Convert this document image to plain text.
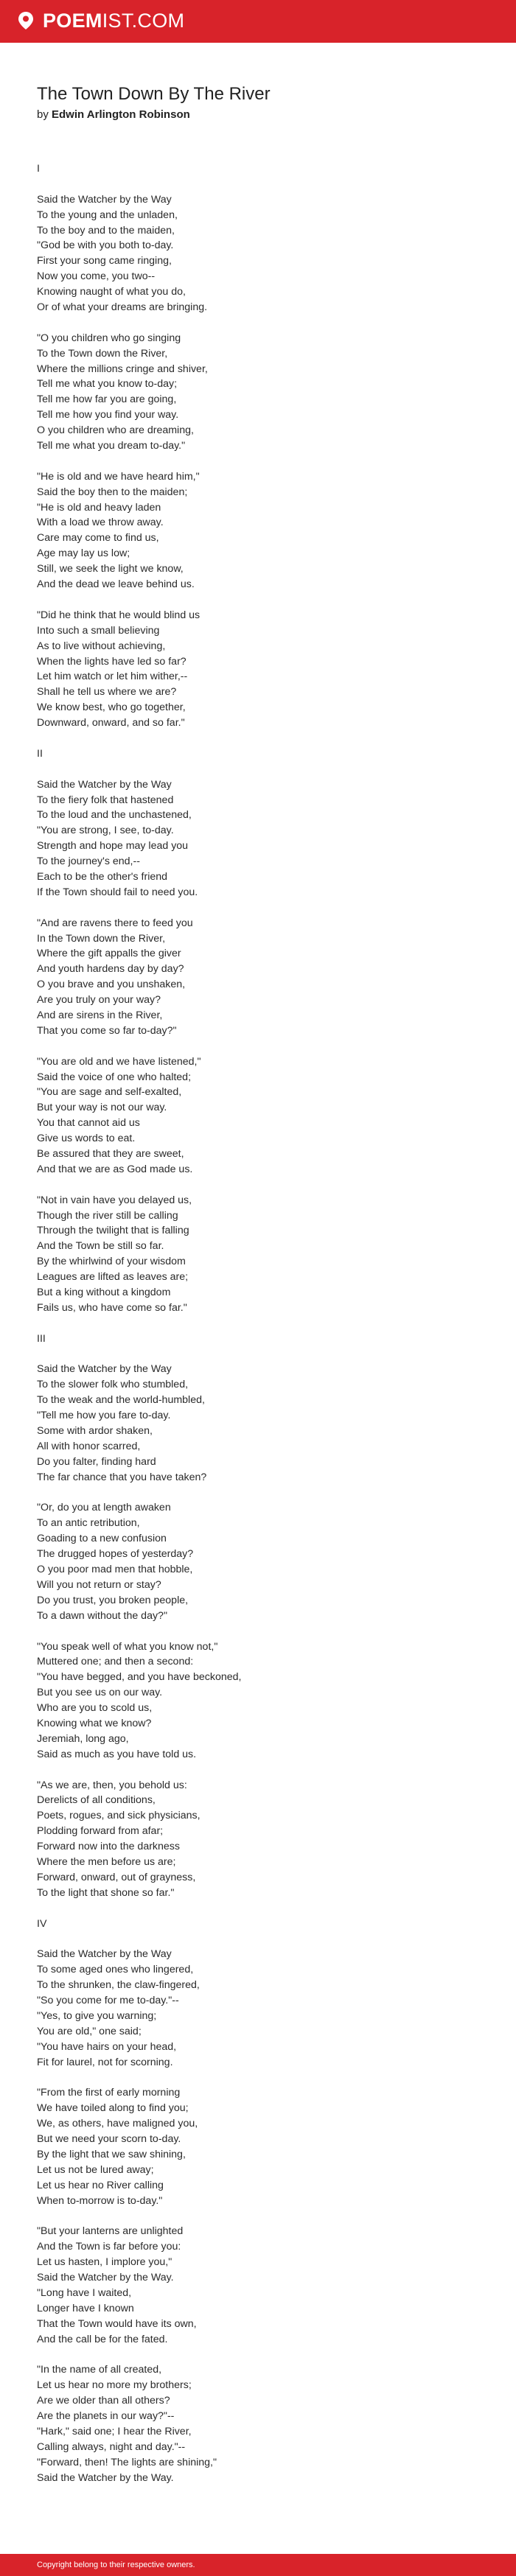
POEMIST.COM
The Town Down By The River
by Edwin Arlington Robinson
I
Said the Watcher by the Way
To the young and the unladen,
To the boy and to the maiden,
"God be with you both to-day.
First your song came ringing,
Now you come, you two--
Knowing naught of what you do,
Or of what your dreams are bringing.
"O you children who go singing
To the Town down the River,
Where the millions cringe and shiver,
Tell me what you know to-day;
Tell me how far you are going,
Tell me how you find your way.
O you children who are dreaming,
Tell me what you dream to-day."
"He is old and we have heard him,"
Said the boy then to the maiden;
"He is old and heavy laden
With a load we throw away.
Care may come to find us,
Age may lay us low;
Still, we seek the light we know,
And the dead we leave behind us.
"Did he think that he would blind us
Into such a small believing
As to live without achieving,
When the lights have led so far?
Let him watch or let him wither,--
Shall he tell us where we are?
We know best, who go together,
Downward, onward, and so far."
II
Said the Watcher by the Way
To the fiery folk that hastened
To the loud and the unchastened,
"You are strong, I see, to-day.
Strength and hope may lead you
To the journey's end,--
Each to be the other's friend
If the Town should fail to need you.
"And are ravens there to feed you
In the Town down the River,
Where the gift appalls the giver
And youth hardens day by day?
O you brave and you unshaken,
Are you truly on your way?
And are sirens in the River,
That you come so far to-day?"
"You are old and we have listened,"
Said the voice of one who halted;
"You are sage and self-exalted,
But your way is not our way.
You that cannot aid us
Give us words to eat.
Be assured that they are sweet,
And that we are as God made us.
"Not in vain have you delayed us,
Though the river still be calling
Through the twilight that is falling
And the Town be still so far.
By the whirlwind of your wisdom
Leagues are lifted as leaves are;
But a king without a kingdom
Fails us, who have come so far."
III
Said the Watcher by the Way
To the slower folk who stumbled,
To the weak and the world-humbled,
"Tell me how you fare to-day.
Some with ardor shaken,
All with honor scarred,
Do you falter, finding hard
The far chance that you have taken?
"Or, do you at length awaken
To an antic retribution,
Goading to a new confusion
The drugged hopes of yesterday?
O you poor mad men that hobble,
Will you not return or stay?
Do you trust, you broken people,
To a dawn without the day?"
"You speak well of what you know not,"
Muttered one; and then a second:
"You have begged, and you have beckoned,
But you see us on our way.
Who are you to scold us,
Knowing what we know?
Jeremiah, long ago,
Said as much as you have told us.
"As we are, then, you behold us:
Derelicts of all conditions,
Poets, rogues, and sick physicians,
Plodding forward from afar;
Forward now into the darkness
Where the men before us are;
Forward, onward, out of grayness,
To the light that shone so far."
IV
Said the Watcher by the Way
To some aged ones who lingered,
To the shrunken, the claw-fingered,
"So you come for me to-day."--
"Yes, to give you warning;
You are old," one said;
"You have hairs on your head,
Fit for laurel, not for scorning.
"From the first of early morning
We have toiled along to find you;
We, as others, have maligned you,
But we need your scorn to-day.
By the light that we saw shining,
Let us not be lured away;
Let us hear no River calling
When to-morrow is to-day."
"But your lanterns are unlighted
And the Town is far before you:
Let us hasten, I implore you,"
Said the Watcher by the Way.
"Long have I waited,
Longer have I known
That the Town would have its own,
And the call be for the fated.
"In the name of all created,
Let us hear no more my brothers;
Are we older than all others?
Are the planets in our way?"--
"Hark," said one; I hear the River,
Calling always, night and day."--
"Forward, then! The lights are shining,"
Said the Watcher by the Way.
Copyright belong to their respective owners.
